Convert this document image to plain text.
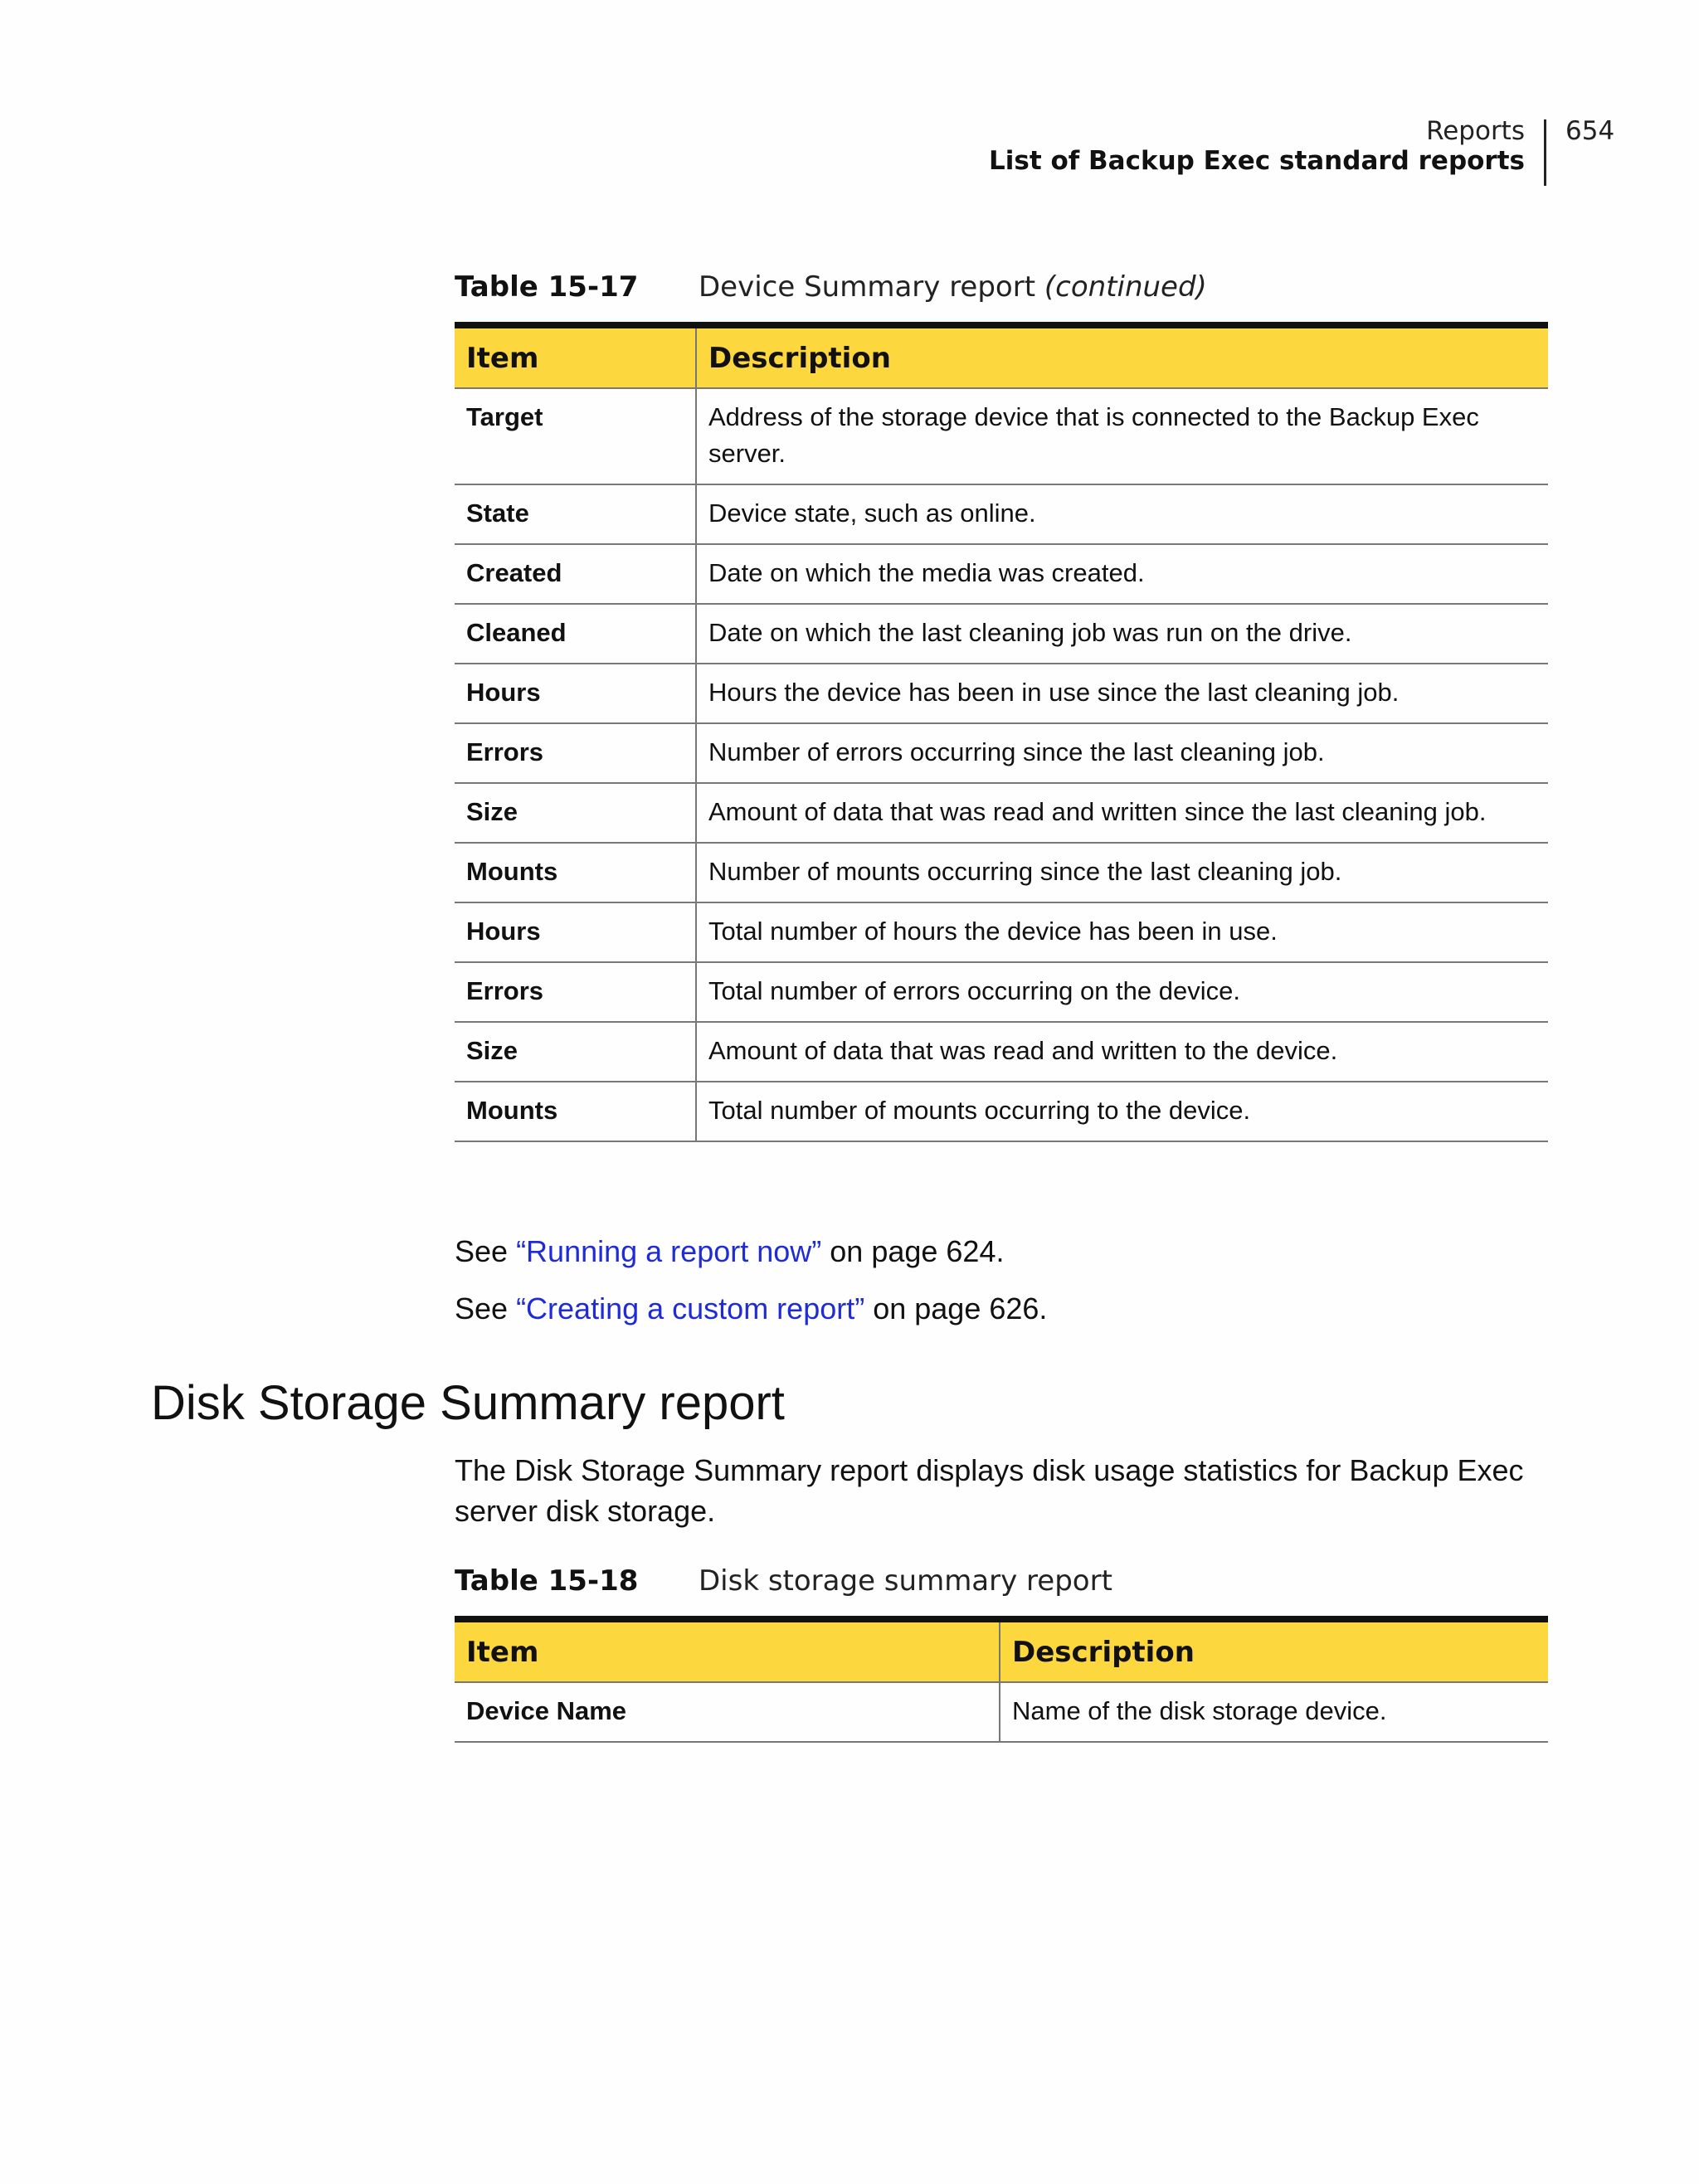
Reports
List of Backup Exec standard reports
654
Table 15-17 Device Summary report (continued)
Item	Description
Target	Address of the storage device that is connected to the Backup Exec server.
State	Device state, such as online.
Created	Date on which the media was created.
Cleaned	Date on which the last cleaning job was run on the drive.
Hours	Hours the device has been in use since the last cleaning job.
Errors	Number of errors occurring since the last cleaning job.
Size	Amount of data that was read and written since the last cleaning job.
Mounts	Number of mounts occurring since the last cleaning job.
Hours	Total number of hours the device has been in use.
Errors	Total number of errors occurring on the device.
Size	Amount of data that was read and written to the device.
Mounts	Total number of mounts occurring to the device.
See “Running a report now” on page 624.
See “Creating a custom report” on page 626.
Disk Storage Summary report

The Disk Storage Summary report displays disk usage statistics for Backup Exec server disk storage.

Table 15-18 Disk storage summary report
Item	Description
Device Name	Name of the disk storage device.
